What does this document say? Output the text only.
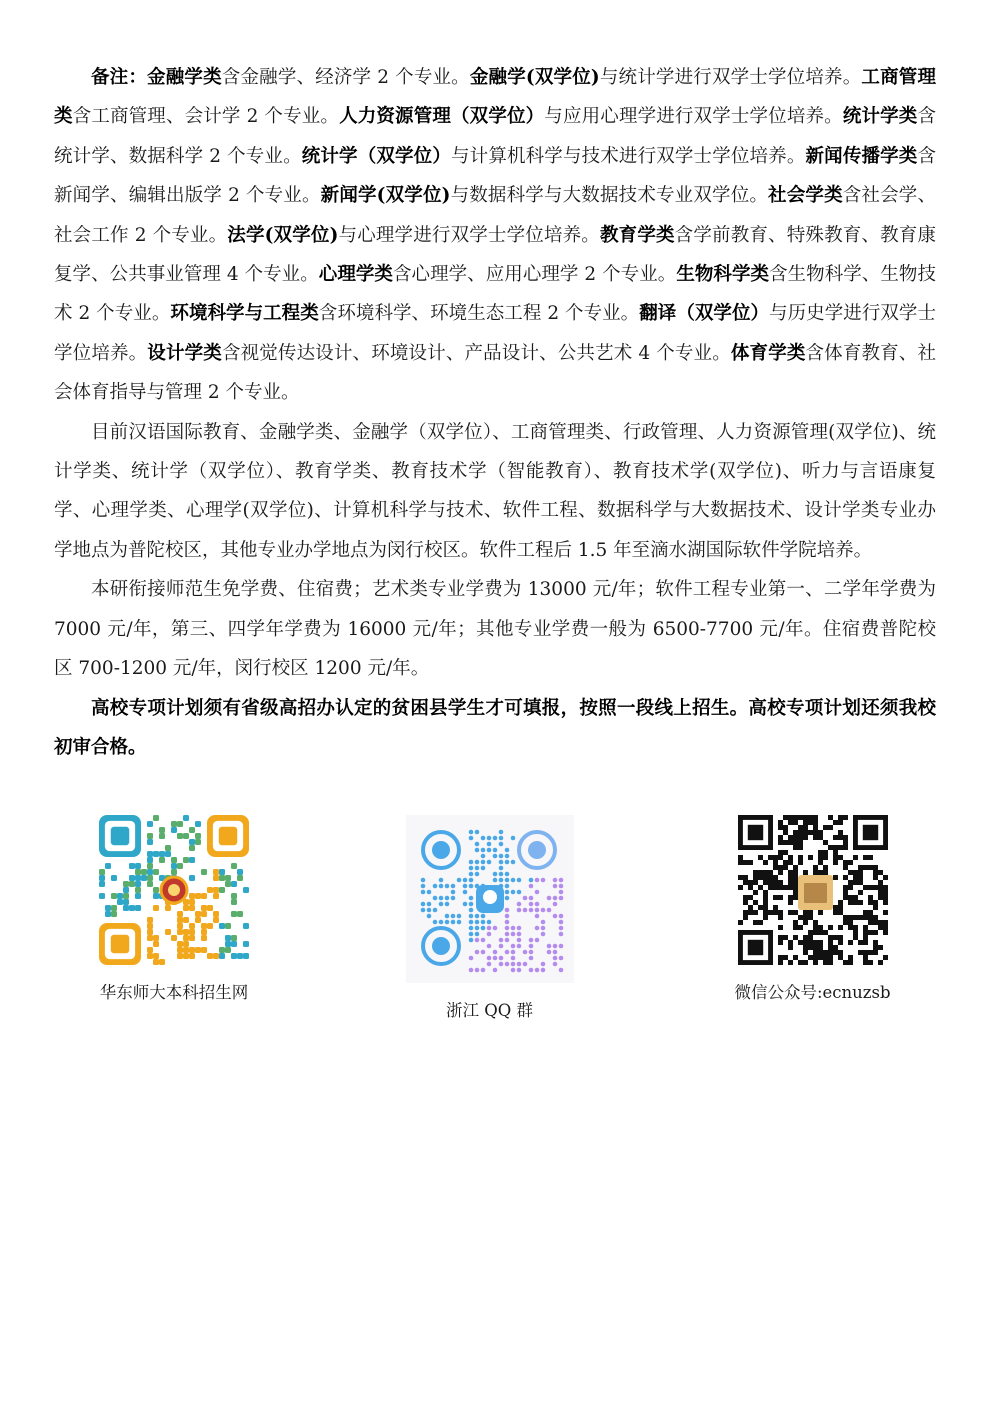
备注：金融学类含金融学、经济学 2 个专业。金融学(双学位)与统计学进行双学士学位培养。工商管理类含工商管理、会计学 2 个专业。人力资源管理（双学位）与应用心理学进行双学士学位培养。统计学类含统计学、数据科学 2 个专业。统计学（双学位）与计算机科学与技术进行双学士学位培养。新闻传播学类含新闻学、编辑出版学 2 个专业。新闻学(双学位)与数据科学与大数据技术专业双学位。社会学类含社会学、社会工作 2 个专业。法学(双学位)与心理学进行双学士学位培养。教育学类含学前教育、特殊教育、教育康复学、公共事业管理 4 个专业。心理学类含心理学、应用心理学 2 个专业。生物科学类含生物科学、生物技术 2 个专业。环境科学与工程类含环境科学、环境生态工程 2 个专业。翻译（双学位）与历史学进行双学士学位培养。设计学类含视觉传达设计、环境设计、产品设计、公共艺术 4 个专业。体育学类含体育教育、社会体育指导与管理 2 个专业。

目前汉语国际教育、金融学类、金融学（双学位）、工商管理类、行政管理、人力资源管理(双学位)、统计学类、统计学（双学位）、教育学类、教育技术学（智能教育）、教育技术学(双学位)、听力与言语康复学、心理学类、心理学(双学位)、计算机科学与技术、软件工程、数据科学与大数据技术、设计学类专业办学地点为普陀校区，其他专业办学地点为闵行校区。软件工程后 1.5 年至滴水湖国际软件学院培养。

本研衔接师范生免学费、住宿费；艺术类专业学费为 13000 元/年；软件工程专业第一、二学年学费为 7000 元/年，第三、四学年学费为 16000 元/年；其他专业学费一般为 6500-7700 元/年。住宿费普陀校区 700-1200 元/年，闵行校区 1200 元/年。

高校专项计划须有省级高招办认定的贫困县学生才可填报，按照一段线上招生。高校专项计划还须我校初审合格。

华东师大本科招生网
浙江 QQ 群
微信公众号:ecnuzsb
